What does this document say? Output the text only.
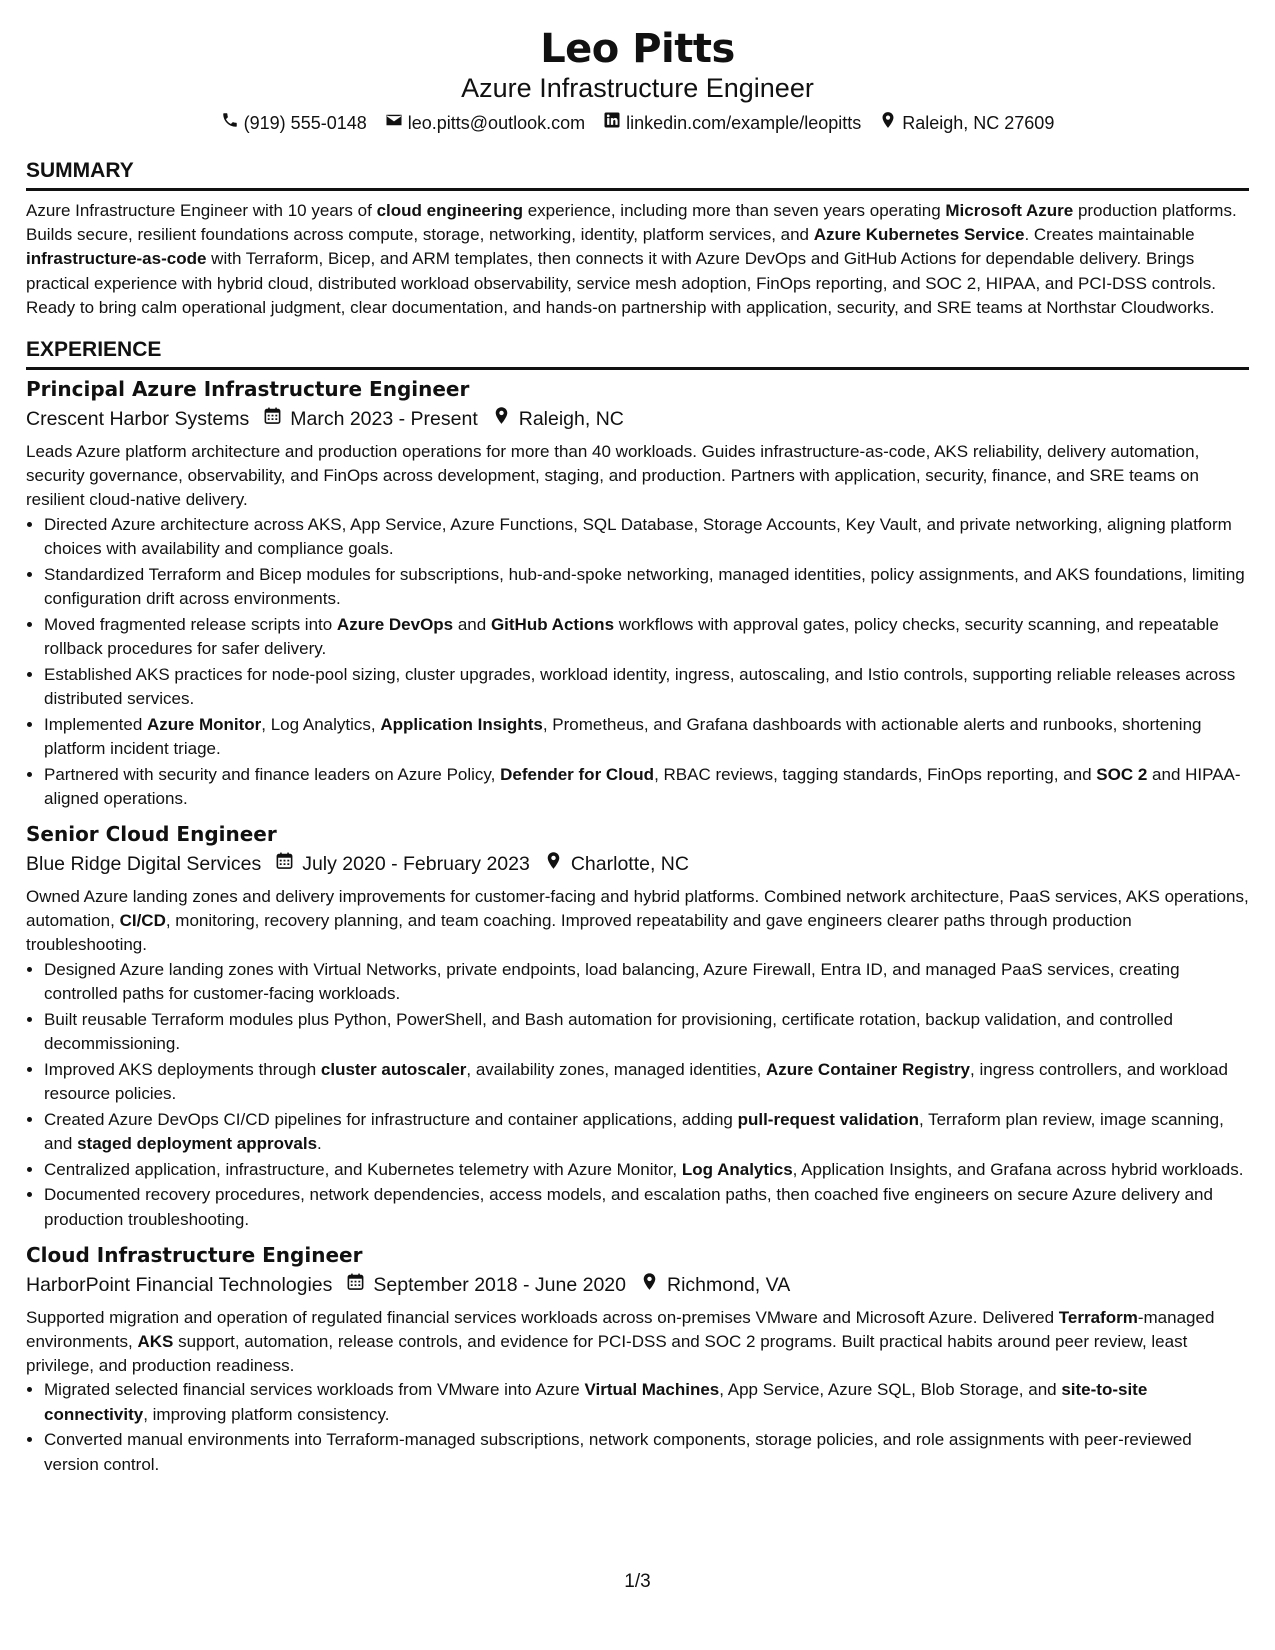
Leo Pitts
Azure Infrastructure Engineer
(919) 555-0148 leo.pitts@outlook.com linkedin.com/example/leopitts Raleigh, NC 27609
SUMMARY
Azure Infrastructure Engineer with 10 years of cloud engineering experience, including more than seven years operating Microsoft Azure production platforms. Builds secure, resilient foundations across compute, storage, networking, identity, platform services, and Azure Kubernetes Service. Creates maintainable infrastructure-as-code with Terraform, Bicep, and ARM templates, then connects it with Azure DevOps and GitHub Actions for dependable delivery. Brings practical experience with hybrid cloud, distributed workload observability, service mesh adoption, FinOps reporting, and SOC 2, HIPAA, and PCI-DSS controls. Ready to bring calm operational judgment, clear documentation, and hands-on partnership with application, security, and SRE teams at Northstar Cloudworks.
EXPERIENCE
Principal Azure Infrastructure Engineer
Crescent Harbor Systems March 2023 - Present Raleigh, NC
Leads Azure platform architecture and production operations for more than 40 workloads. Guides infrastructure-as-code, AKS reliability, delivery automation, security governance, observability, and FinOps across development, staging, and production. Partners with application, security, finance, and SRE teams on resilient cloud-native delivery.
• Directed Azure architecture across AKS, App Service, Azure Functions, SQL Database, Storage Accounts, Key Vault, and private networking, aligning platform choices with availability and compliance goals.
• Standardized Terraform and Bicep modules for subscriptions, hub-and-spoke networking, managed identities, policy assignments, and AKS foundations, limiting configuration drift across environments.
• Moved fragmented release scripts into Azure DevOps and GitHub Actions workflows with approval gates, policy checks, security scanning, and repeatable rollback procedures for safer delivery.
• Established AKS practices for node-pool sizing, cluster upgrades, workload identity, ingress, autoscaling, and Istio controls, supporting reliable releases across distributed services.
• Implemented Azure Monitor, Log Analytics, Application Insights, Prometheus, and Grafana dashboards with actionable alerts and runbooks, shortening platform incident triage.
• Partnered with security and finance leaders on Azure Policy, Defender for Cloud, RBAC reviews, tagging standards, FinOps reporting, and SOC 2 and HIPAA-aligned operations.
Senior Cloud Engineer
Blue Ridge Digital Services July 2020 - February 2023 Charlotte, NC
Owned Azure landing zones and delivery improvements for customer-facing and hybrid platforms. Combined network architecture, PaaS services, AKS operations, automation, CI/CD, monitoring, recovery planning, and team coaching. Improved repeatability and gave engineers clearer paths through production troubleshooting.
• Designed Azure landing zones with Virtual Networks, private endpoints, load balancing, Azure Firewall, Entra ID, and managed PaaS services, creating controlled paths for customer-facing workloads.
• Built reusable Terraform modules plus Python, PowerShell, and Bash automation for provisioning, certificate rotation, backup validation, and controlled decommissioning.
• Improved AKS deployments through cluster autoscaler, availability zones, managed identities, Azure Container Registry, ingress controllers, and workload resource policies.
• Created Azure DevOps CI/CD pipelines for infrastructure and container applications, adding pull-request validation, Terraform plan review, image scanning, and staged deployment approvals.
• Centralized application, infrastructure, and Kubernetes telemetry with Azure Monitor, Log Analytics, Application Insights, and Grafana across hybrid workloads.
• Documented recovery procedures, network dependencies, access models, and escalation paths, then coached five engineers on secure Azure delivery and production troubleshooting.
Cloud Infrastructure Engineer
HarborPoint Financial Technologies September 2018 - June 2020 Richmond, VA
Supported migration and operation of regulated financial services workloads across on-premises VMware and Microsoft Azure. Delivered Terraform-managed environments, AKS support, automation, release controls, and evidence for PCI-DSS and SOC 2 programs. Built practical habits around peer review, least privilege, and production readiness.
• Migrated selected financial services workloads from VMware into Azure Virtual Machines, App Service, Azure SQL, Blob Storage, and site-to-site connectivity, improving platform consistency.
• Converted manual environments into Terraform-managed subscriptions, network components, storage policies, and role assignments with peer-reviewed version control.
1/3
